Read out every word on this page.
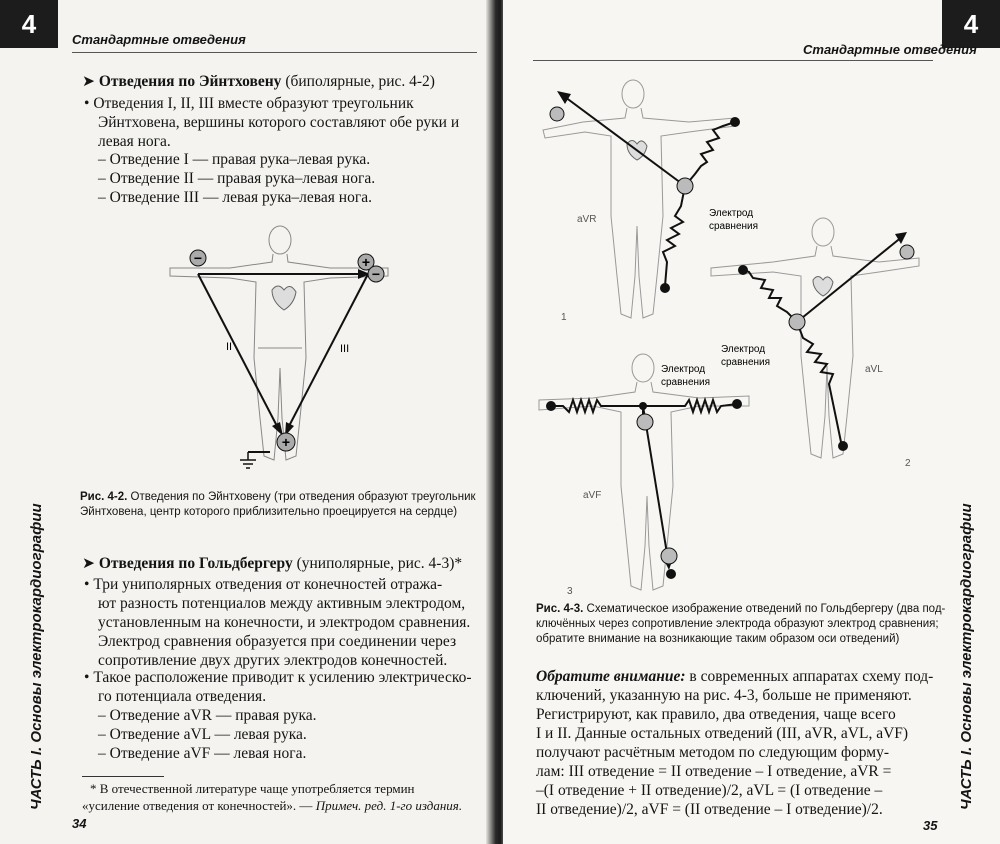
4
Стандартные отведения
➤ Отведения по Эйнтховену (биполярные, рис. 4-2)
• Отведения I, II, III вместе образуют треугольник
Эйнтховена, вершины которого составляют обе руки и
левая нога.
– Отведение I — правая рука–левая рука.
– Отведение II — правая рука–левая нога.
– Отведение III — левая рука–левая нога.
−	+
−
+
II	III
Рис. 4-2. Отведения по Эйнтховену (три отведения образуют треугольник
Эйнтховена, центр которого приблизительно проецируется на сердце)
➤ Отведения по Гольдбергеру (униполярные, рис. 4-3)*
• Три униполярных отведения от конечностей отража-
ют разность потенциалов между активным электродом,
установленным на конечности, и электродом сравнения.
Электрод сравнения образуется при соединении через
сопротивление двух других электродов конечностей.
• Такое расположение приводит к усилению электрическо-
го потенциала отведения.
– Отведение aVR — правая рука.
– Отведение aVL — левая рука.
– Отведение aVF — левая нога.
* В отечественной литературе чаще употребляется термин
«усиление отведения от конечностей». — Примеч. ред. 1-го издания.
34
ЧАСТЬ I. Основы электрокардиографии
4
Стандартные отведения
aVR
Электрод
сравнения
1
Электрод
сравнения
aVL
2
Электрод
сравнения
aVF
3
Рис. 4-3. Схематическое изображение отведений по Гольдбергеру (два под-
ключённых через сопротивление электрода образуют электрод сравнения;
обратите внимание на возникающие таким образом оси отведений)
Обратите внимание: в современных аппаратах схему под-
ключений, указанную на рис. 4-3, больше не применяют.
Регистрируют, как правило, два отведения, чаще всего
I и II. Данные остальных отведений (III, aVR, aVL, aVF)
получают расчётным методом по следующим форму-
лам: III отведение = II отведение – I отведение, aVR =
–(I отведение + II отведение)/2, aVL = (I отведение –
II отведение)/2, aVF = (II отведение – I отведение)/2.
35
ЧАСТЬ I. Основы электрокардиографии
